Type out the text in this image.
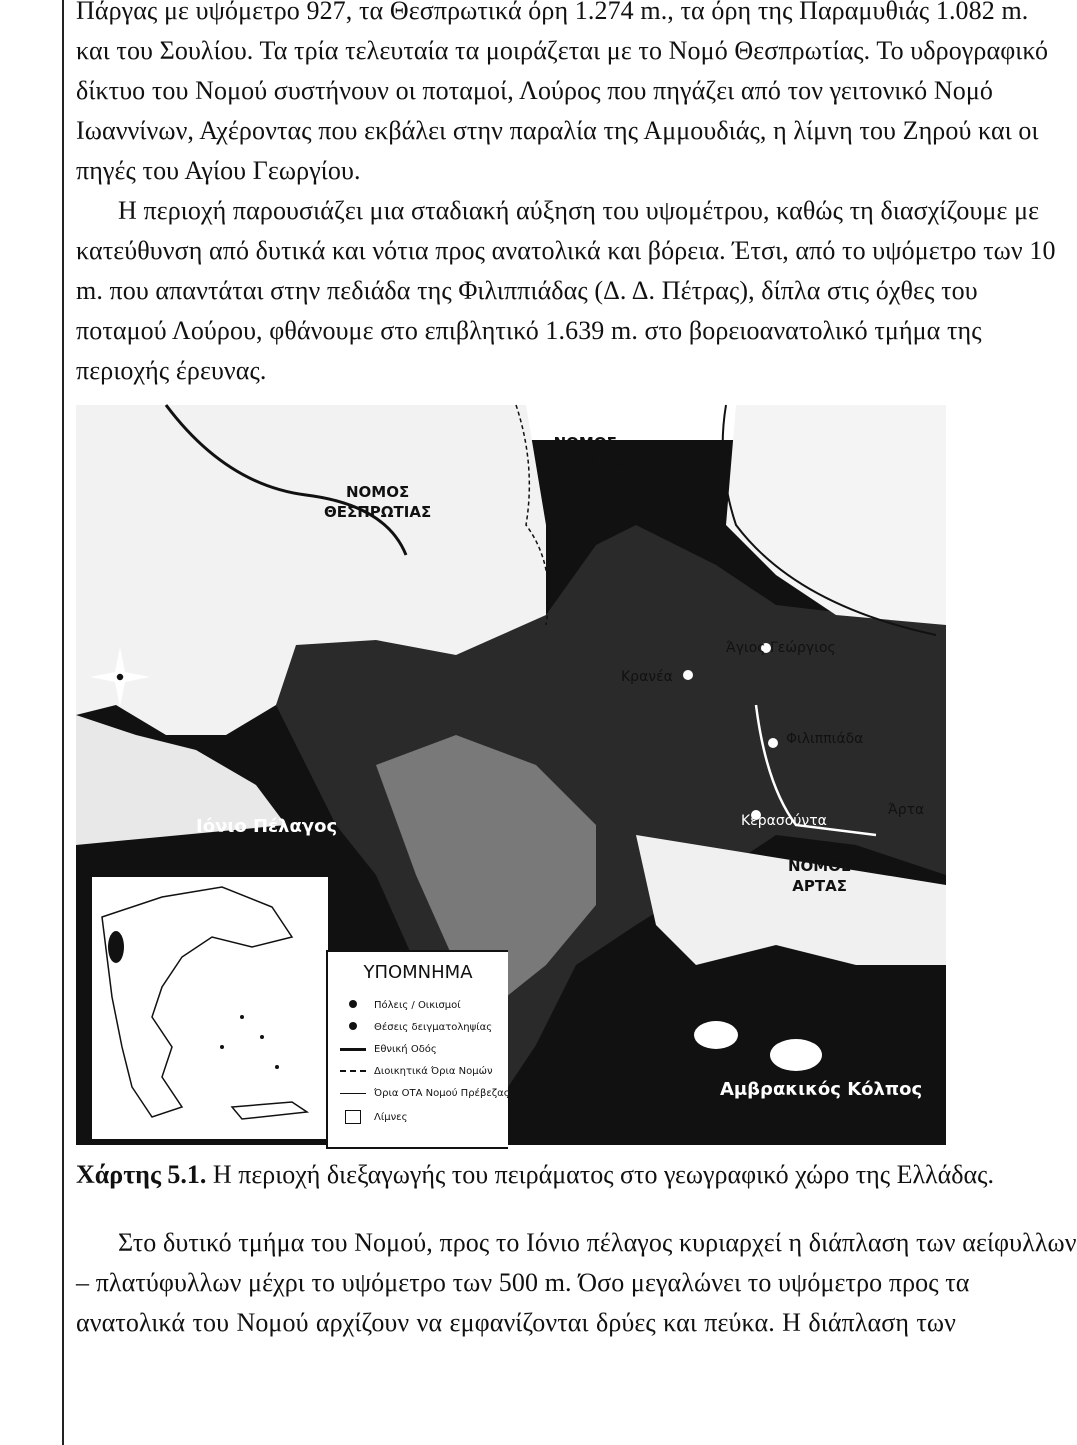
Πάργας με υψόμετρο 927, τα Θεσπρωτικά όρη 1.274 m., τα όρη της Παραμυθιάς 1.082 m.
και του Σουλίου. Τα τρία τελευταία τα μοιράζεται με το Νομό Θεσπρωτίας. Το υδρογραφικό
δίκτυο του Νομού συστήνουν οι ποταμοί, Λούρος που πηγάζει από τον γειτονικό Νομό
Ιωαννίνων, Αχέροντας που εκβάλει στην παραλία της Αμμουδιάς, η λίμνη του Ζηρού και οι
πηγές του Αγίου Γεωργίου.
Η περιοχή παρουσιάζει μια σταδιακή αύξηση του υψομέτρου, καθώς τη διασχίζουμε με
κατεύθυνση από δυτικά και νότια προς ανατολικά και βόρεια. Έτσι, από το υψόμετρο των 10
m. που απαντάται στην πεδιάδα της Φιλιππιάδας (Δ. Δ. Πέτρας), δίπλα στις όχθες του
ποταμού Λούρου, φθάνουμε στο επιβλητικό 1.639 m. στο βορειοανατολικό τμήμα της
περιοχής έρευνας.
ΝΟΜΟΣ
ΘΕΣΠΡΩΤΙΑΣ
ΝΟΜΟΣ
ΙΩΑΝΝΙΝΩΝ
ΝΟΜΟΣ
ΑΡΤΑΣ
Ιόνιο Πέλαγος
Αμβρακικός Κόλπος
Άγιος Γεώργιος
Κρανέα
Φιλιππιάδα
Κερασούντα
Άρτα
ΥΠΟΜΝΗΜΑ
Πόλεις / Οικισμοί
Θέσεις δειγματοληψίας
Εθνική Οδός
Διοικητικά Όρια Νομών
Όρια ΟΤΑ Νομού Πρέβεζας
Λίμνες
Χάρτης 5.1. Η περιοχή διεξαγωγής του πειράματος στο γεωγραφικό χώρο της Ελλάδας.
Στο δυτικό τμήμα του Νομού, προς το Ιόνιο πέλαγος κυριαρχεί η διάπλαση των αείφυλλων
– πλατύφυλλων μέχρι το υψόμετρο των 500 m. Όσο μεγαλώνει το υψόμετρο προς τα
ανατολικά του Νομού αρχίζουν να εμφανίζονται δρύες και πεύκα. Η διάπλαση των
